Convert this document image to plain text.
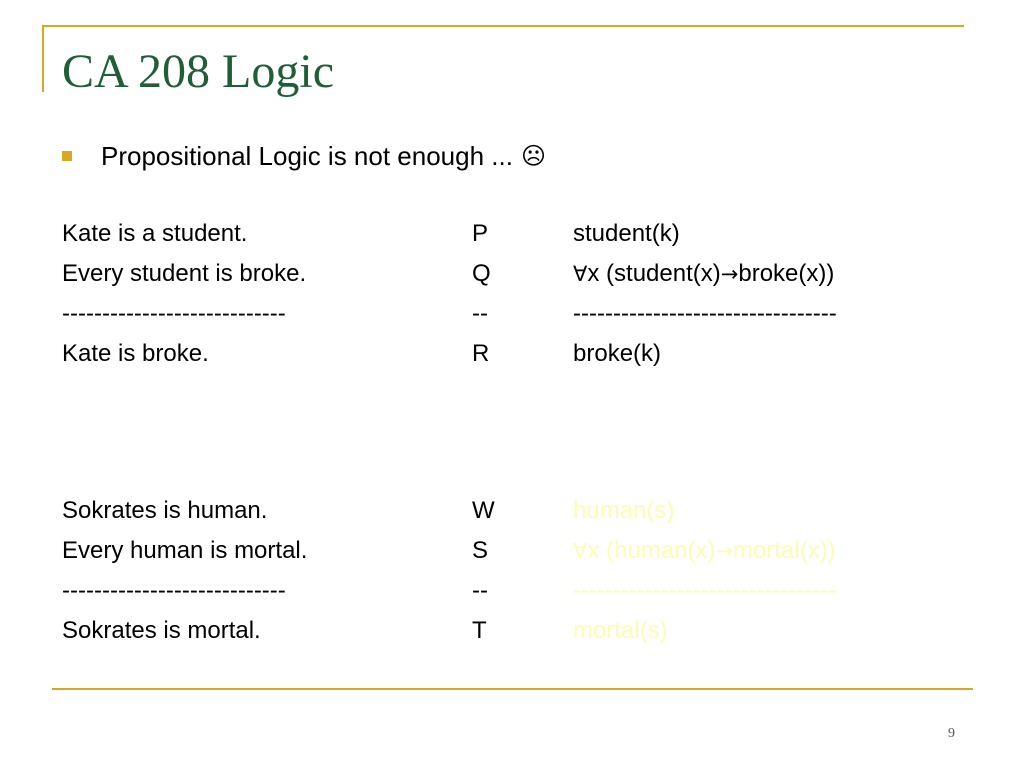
CA 208 Logic
Propositional Logic is not enough ... ☹
Kate is a student.	P	student(k)
Every student is broke.	Q	∀x (student(x)→broke(x))
----------------------------	--	---------------------------------
Kate is broke.	R	broke(k)
Sokrates is human.	W	human(s)
Every human is mortal.	S	∀x (human(x)→mortal(x))
----------------------------	--	---------------------------------
Sokrates is mortal.	T	mortal(s)
9
